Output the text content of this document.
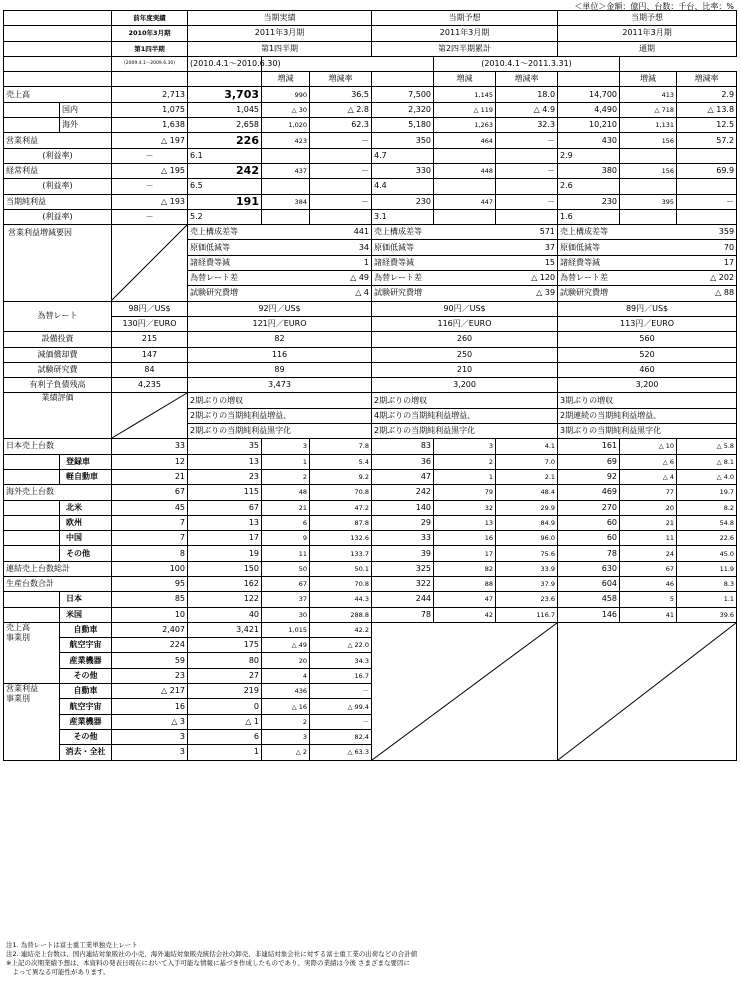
＜単位＞金額：億円、台数：千台、比率：%
		前年度実績	当期実績			当期予想			当期予想		
		2010年3月期	2011年3月期			2011年3月期			2011年3月期		
		第1四半期	第1四半期			第2四半期累計			通期		
		(2009.4.1～2009.6.30)	(2010.4.1～2010.6.30)				(2010.4.1～2011.3.31)				
				増減	増減率		増減	増減率		増減	増減率
売上高		2,713	3,703	990	36.5	7,500	1,145	18.0	14,700	413	2.9
	国内	1,075	1,045	△ 30	△ 2.8	2,320	△ 119	△ 4.9	4,490	△ 718	△ 13.8
	海外	1,638	2,658	1,020	62.3	5,180	1,263	32.3	10,210	1,131	12.5
営業利益		△ 197	226	423	－	350	464	－	430	156	57.2
(利益率)		－	6.1			4.7			2.9		
経常利益		△ 195	242	437	－	330	448	－	380	156	69.9
(利益率)		－	6.5			4.4			2.6		
当期純利益		△ 193	191	384	－	230	447	－	230	395	－
(利益率)		－	5.2			3.1			1.6		

営業利益増減要因			売上構成差等 441			売上構成差等 571			売上構成差等 359		

			原価低減等 34			原価低減等 37			原価低減等 70		

			諸経費等減 1			諸経費等減 15			諸経費等減 17		

			為替レート差 △ 49			為替レート差 △ 120			為替レート差 △ 202		

			試験研究費増 △ 4			試験研究費増 △ 39			試験研究費増 △ 88		

為替レート		98円／US$	92円／US$			90円／US$			89円／US$		
		130円／EURO	121円／EURO			116円／EURO			113円／EURO		
設備投資		215	82			260			560		
減価償却費		147	116			250			520		
試験研究費		84	89			210			460		
有利子負債残高		4,235	3,473			3,200			3,200		
業績評価			2期ぶりの増収			2期ぶりの増収			3期ぶりの増収		
			2期ぶりの当期純利益増益、			4期ぶりの当期純利益増益、			2期連続の当期純利益増益、		
			2期ぶりの当期純利益黒字化			2期ぶりの当期純利益黒字化			3期ぶりの当期純利益黒字化		
日本売上台数		33	35	3	7.8	83	3	4.1	161	△ 10	△ 5.8
	登録車	12	13	1	5.4	36	2	7.0	69	△ 6	△ 8.1
	軽自動車	21	23	2	9.2	47	1	2.1	92	△ 4	△ 4.0
海外売上台数		67	115	48	70.8	242	79	48.4	469	77	19.7
	北米	45	67	21	47.2	140	32	29.9	270	20	8.2
	欧州	7	13	6	87.8	29	13	84.9	60	21	54.8
	中国	7	17	9	132.6	33	16	96.0	60	11	22.6
	その他	8	19	11	133.7	39	17	75.6	78	24	45.0
連結売上台数総計		100	150	50	50.1	325	82	33.9	630	67	11.9
生産台数合計		95	162	67	70.8	322	88	37.9	604	46	8.3
	日本	85	122	37	44.3	244	47	23.6	458	5	1.1
	米国	10	40	30	288.8	78	42	116.7	146	41	39.6

売上高
事業別	自動車	2,407	3,421	1,015	42.2	

	航空宇宙	224	175	△ 49	△ 22.0						
	産業機器	59	80	20	34.3						
	その他	23	27	4	16.7						

営業利益
事業別	自動車	△ 217	219	436	－						
	航空宇宙	16	0	△ 16	△ 99.4						
	産業機器	△ 3	△ 1	2	－						
	その他	3	6	3	82.4						
	消去・全社	3	1	△ 2	△ 63.3						
注1. 為替レートは富士重工業単独売上レート
注2. 連結売上台数は、国内連結対象販社の小売、海外連結対象販売統括会社の卸売、非連結対象会社に対する富士重工業の出荷などの合計値
※上記の次期業績予想は、本資料の発表日現在において入手可能な情報に基づき作成したものであり、実際の業績は今後 さまざまな要因に
　よって異なる可能性があります。
